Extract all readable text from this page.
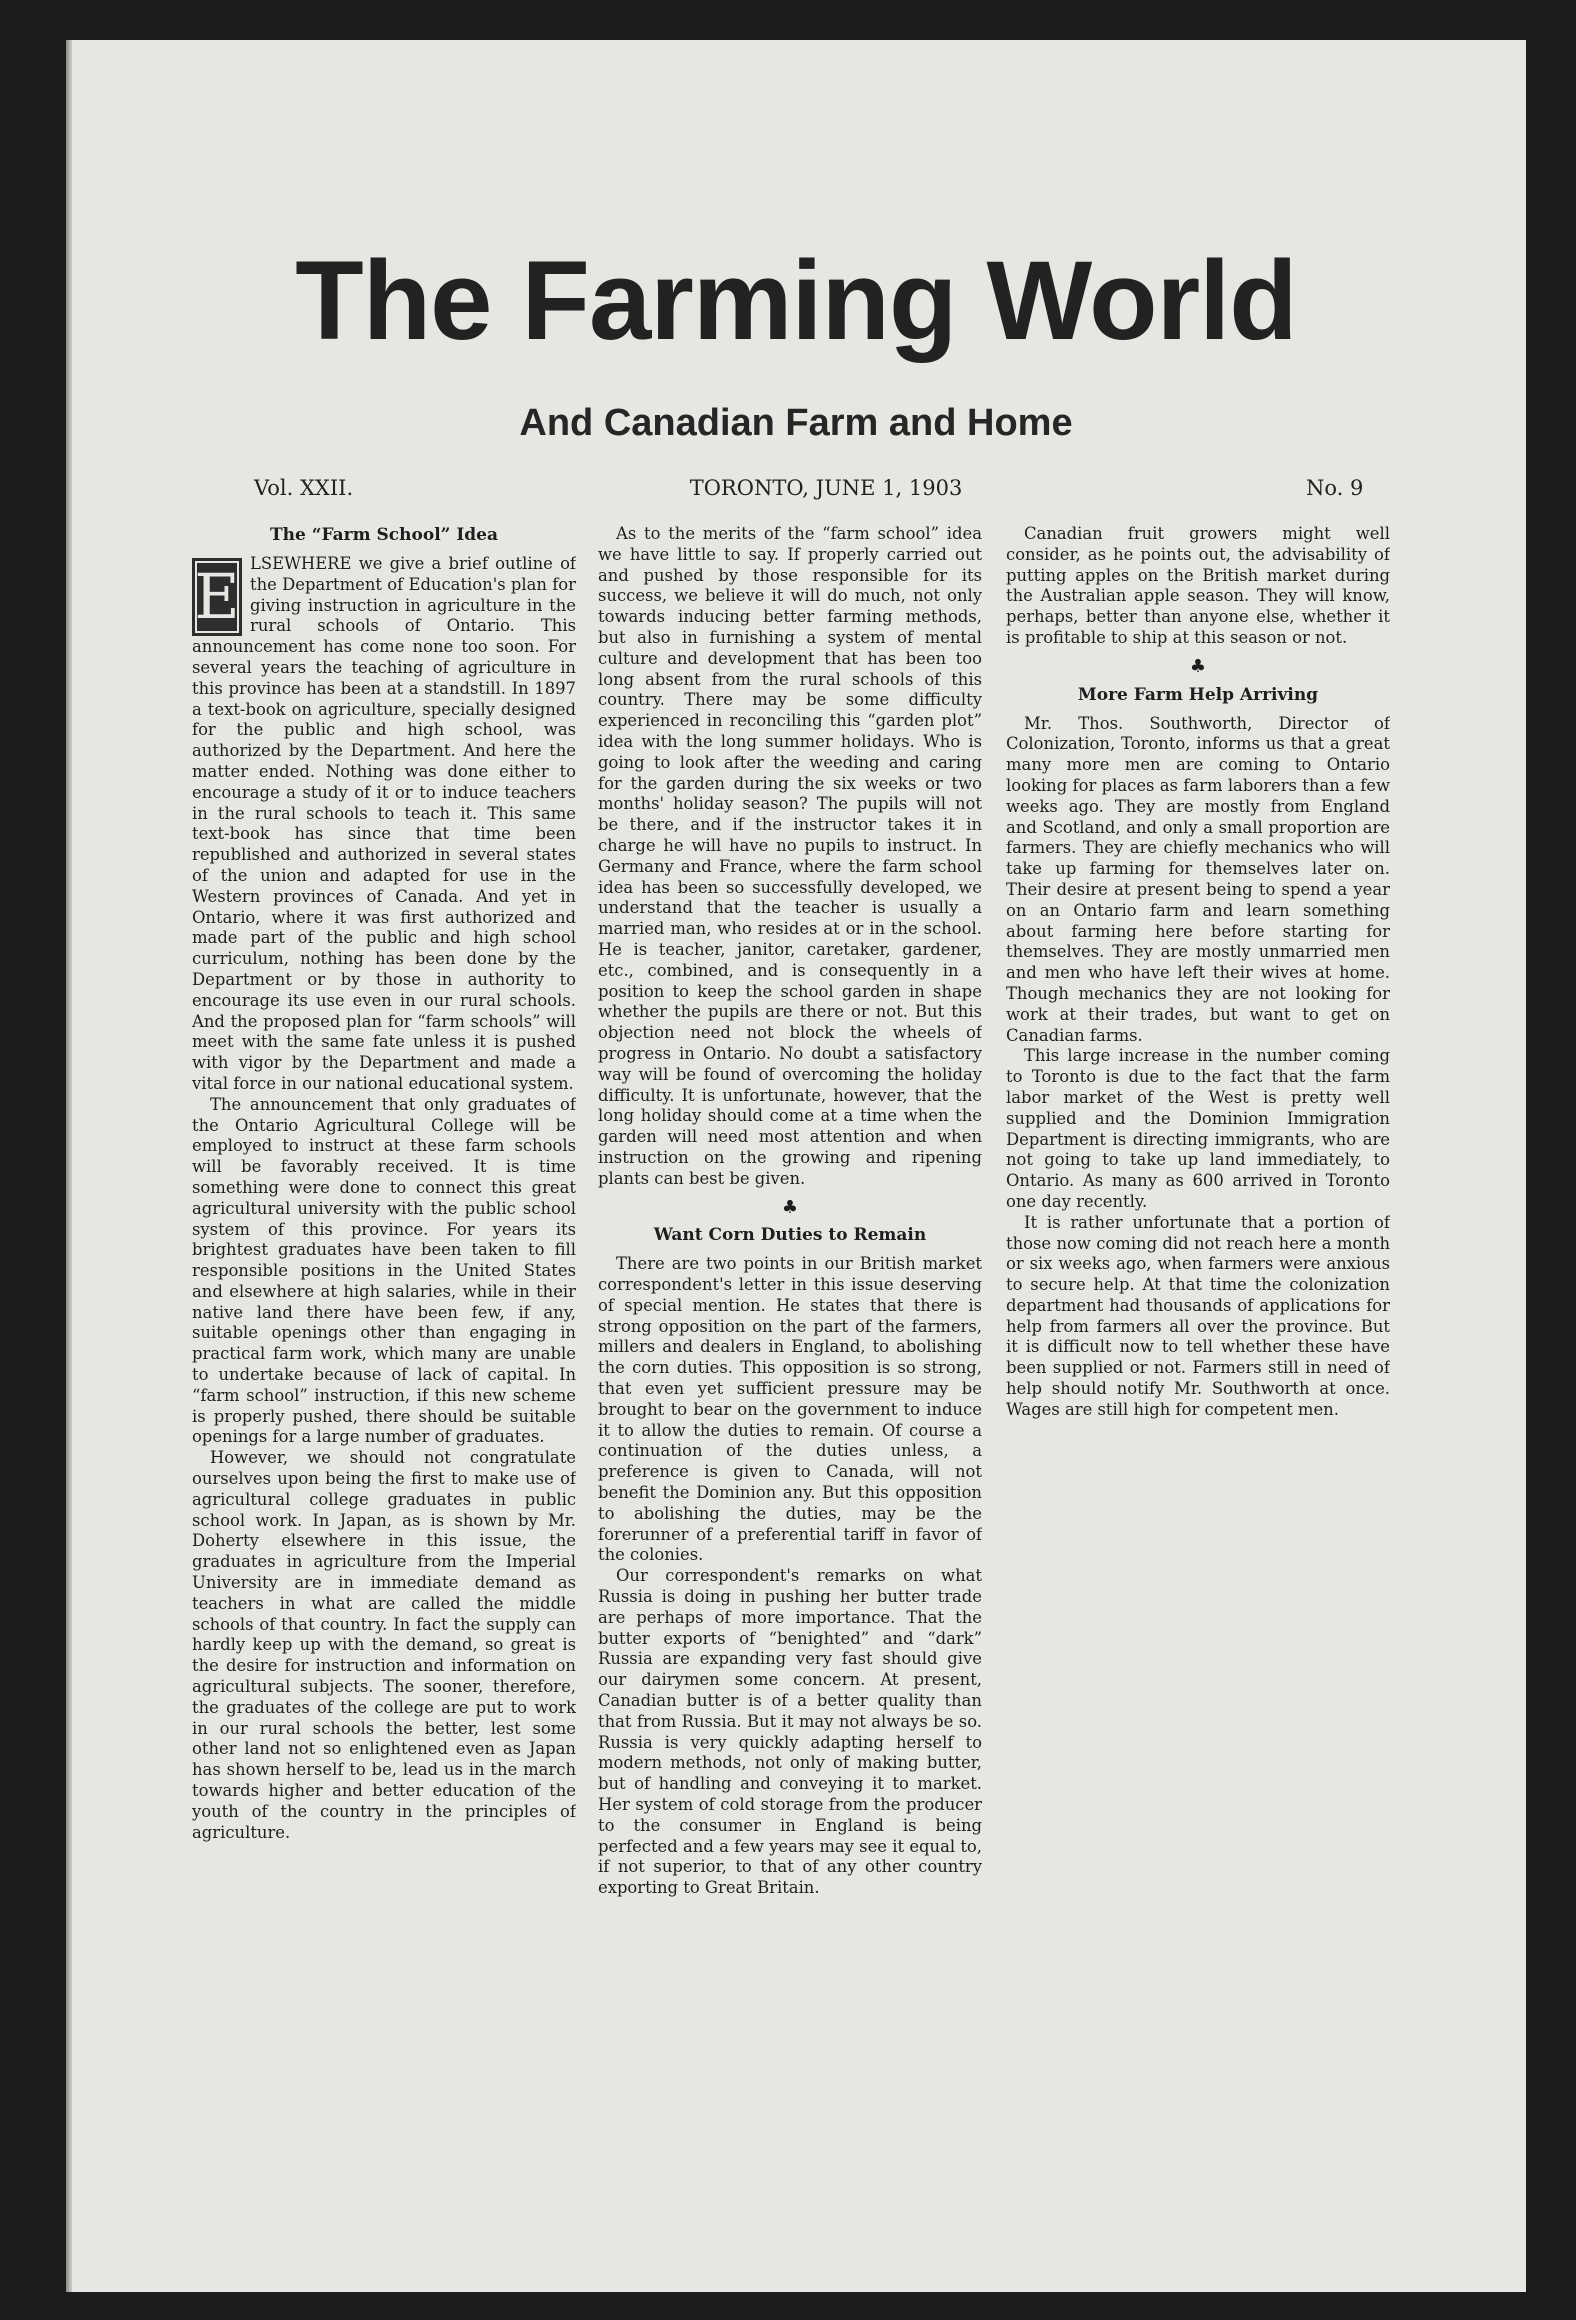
The Farming World
And Canadian Farm and Home
Vol. XXII.	TORONTO, JUNE 1, 1903	No. 9
The “Farm School” Idea
E LSEWHERE we give a brief outline of the Department of Education's plan for giving instruction in agriculture in the rural schools of Ontario. This announcement has come none too soon. For several years the teaching of agriculture in this province has been at a standstill. In 1897 a text-book on agriculture, specially designed for the public and high school, was authorized by the Department. And here the matter ended. Nothing was done either to encourage a study of it or to induce teachers in the rural schools to teach it. This same text-book has since that time been republished and authorized in several states of the union and adapted for use in the Western provinces of Canada. And yet in Ontario, where it was first authorized and made part of the public and high school curriculum, nothing has been done by the Department or by those in authority to encourage its use even in our rural schools. And the proposed plan for “farm schools” will meet with the same fate unless it is pushed with vigor by the Department and made a vital force in our national educational system.

The announcement that only graduates of the Ontario Agricultural College will be employed to instruct at these farm schools will be favorably received. It is time something were done to connect this great agricultural university with the public school system of this province. For years its brightest graduates have been taken to fill responsible positions in the United States and elsewhere at high salaries, while in their native land there have been few, if any, suitable openings other than engaging in practical farm work, which many are unable to undertake because of lack of capital. In “farm school” instruction, if this new scheme is properly pushed, there should be suitable openings for a large number of graduates.

However, we should not congratulate ourselves upon being the first to make use of agricultural college graduates in public school work. In Japan, as is shown by Mr. Doherty elsewhere in this issue, the graduates in agriculture from the Imperial University are in immediate demand as teachers in what are called the middle schools of that country. In fact the supply can hardly keep up with the demand, so great is the desire for instruction and information on agricultural subjects. The sooner, therefore, the graduates of the college are put to work in our rural schools the better, lest some other land not so enlightened even as Japan has shown herself to be, lead us in the march towards higher and better education of the youth of the country in the principles of agriculture.

As to the merits of the “farm school” idea we have little to say. If properly carried out and pushed by those responsible for its success, we believe it will do much, not only towards inducing better farming methods, but also in furnishing a system of mental culture and development that has been too long absent from the rural schools of this country. There may be some difficulty experienced in reconciling this “garden plot” idea with the long summer holidays. Who is going to look after the weeding and caring for the garden during the six weeks or two months' holiday season? The pupils will not be there, and if the instructor takes it in charge he will have no pupils to instruct. In Germany and France, where the farm school idea has been so successfully developed, we understand that the teacher is usually a married man, who resides at or in the school. He is teacher, janitor, caretaker, gardener, etc., combined, and is consequently in a position to keep the school garden in shape whether the pupils are there or not. But this objection need not block the wheels of progress in Ontario. No doubt a satisfactory way will be found of overcoming the holiday difficulty. It is unfortunate, however, that the long holiday should come at a time when the garden will need most attention and when instruction on the growing and ripening plants can best be given.

♣
Want Corn Duties to Remain

There are two points in our British market correspondent's letter in this issue deserving of special mention. He states that there is strong opposition on the part of the farmers, millers and dealers in England, to abolishing the corn duties. This opposition is so strong, that even yet sufficient pressure may be brought to bear on the government to induce it to allow the duties to remain. Of course a continuation of the duties unless, a preference is given to Canada, will not benefit the Dominion any. But this opposition to abolishing the duties, may be the forerunner of a preferential tariff in favor of the colonies.

Our correspondent's remarks on what Russia is doing in pushing her butter trade are perhaps of more importance. That the butter exports of “benighted” and “dark” Russia are expanding very fast should give our dairymen some concern. At present, Canadian butter is of a better quality than that from Russia. But it may not always be so. Russia is very quickly adapting herself to modern methods, not only of making butter, but of handling and conveying it to market. Her system of cold storage from the producer to the consumer in England is being perfected and a few years may see it equal to, if not superior, to that of any other country exporting to Great Britain.

Canadian fruit growers might well consider, as he points out, the advisability of putting apples on the British market during the Australian apple season. They will know, perhaps, better than anyone else, whether it is profitable to ship at this season or not.

♣
More Farm Help Arriving

Mr. Thos. Southworth, Director of Colonization, Toronto, informs us that a great many more men are coming to Ontario looking for places as farm laborers than a few weeks ago. They are mostly from England and Scotland, and only a small proportion are farmers. They are chiefly mechanics who will take up farming for themselves later on. Their desire at present being to spend a year on an Ontario farm and learn something about farming here before starting for themselves. They are mostly unmarried men and men who have left their wives at home. Though mechanics they are not looking for work at their trades, but want to get on Canadian farms.

This large increase in the number coming to Toronto is due to the fact that the farm labor market of the West is pretty well supplied and the Dominion Immigration Department is directing immigrants, who are not going to take up land immediately, to Ontario. As many as 600 arrived in Toronto one day recently.

It is rather unfortunate that a portion of those now coming did not reach here a month or six weeks ago, when farmers were anxious to secure help. At that time the colonization department had thousands of applications for help from farmers all over the province. But it is difficult now to tell whether these have been supplied or not. Farmers still in need of help should notify Mr. Southworth at once. Wages are still high for competent men.
